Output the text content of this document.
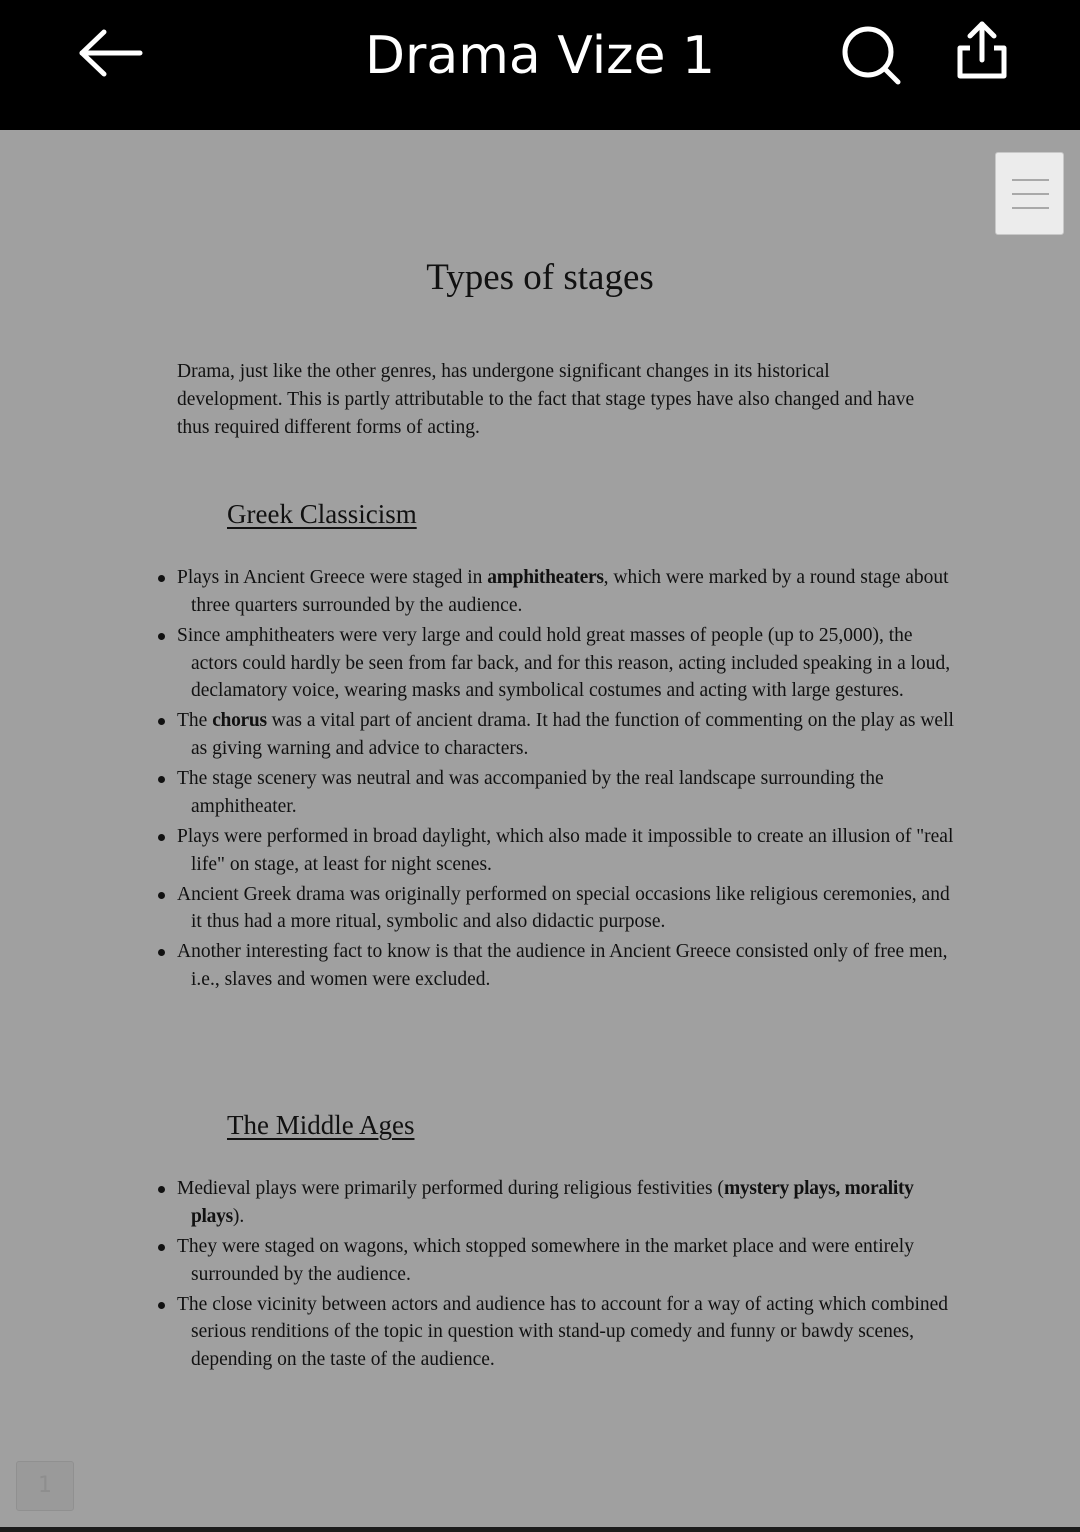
Drama Vize 1
Types of stages

Drama, just like the other genres, has undergone significant changes in its historical development. This is partly attributable to the fact that stage types have also changed and have thus required different forms of acting.

Greek Classicism
Plays in Ancient Greece were staged in amphitheaters, which were marked by a round stage about three quarters surrounded by the audience.
Since amphitheaters were very large and could hold great masses of people (up to 25,000), the actors could hardly be seen from far back, and for this reason, acting included speaking in a loud, declamatory voice, wearing masks and symbolical costumes and acting with large gestures.
The chorus was a vital part of ancient drama. It had the function of commenting on the play as well as giving warning and advice to characters.
The stage scenery was neutral and was accompanied by the real landscape surrounding the amphitheater.
Plays were performed in broad daylight, which also made it impossible to create an illusion of "real life" on stage, at least for night scenes.
Ancient Greek drama was originally performed on special occasions like religious ceremonies, and it thus had a more ritual, symbolic and also didactic purpose.
Another interesting fact to know is that the audience in Ancient Greece consisted only of free men, i.e., slaves and women were excluded.
The Middle Ages
Medieval plays were primarily performed during religious festivities (mystery plays, morality plays).
They were staged on wagons, which stopped somewhere in the market place and were entirely surrounded by the audience.
The close vicinity between actors and audience has to account for a way of acting which combined serious renditions of the topic in question with stand-up comedy and funny or bawdy scenes, depending on the taste of the audience.
1
